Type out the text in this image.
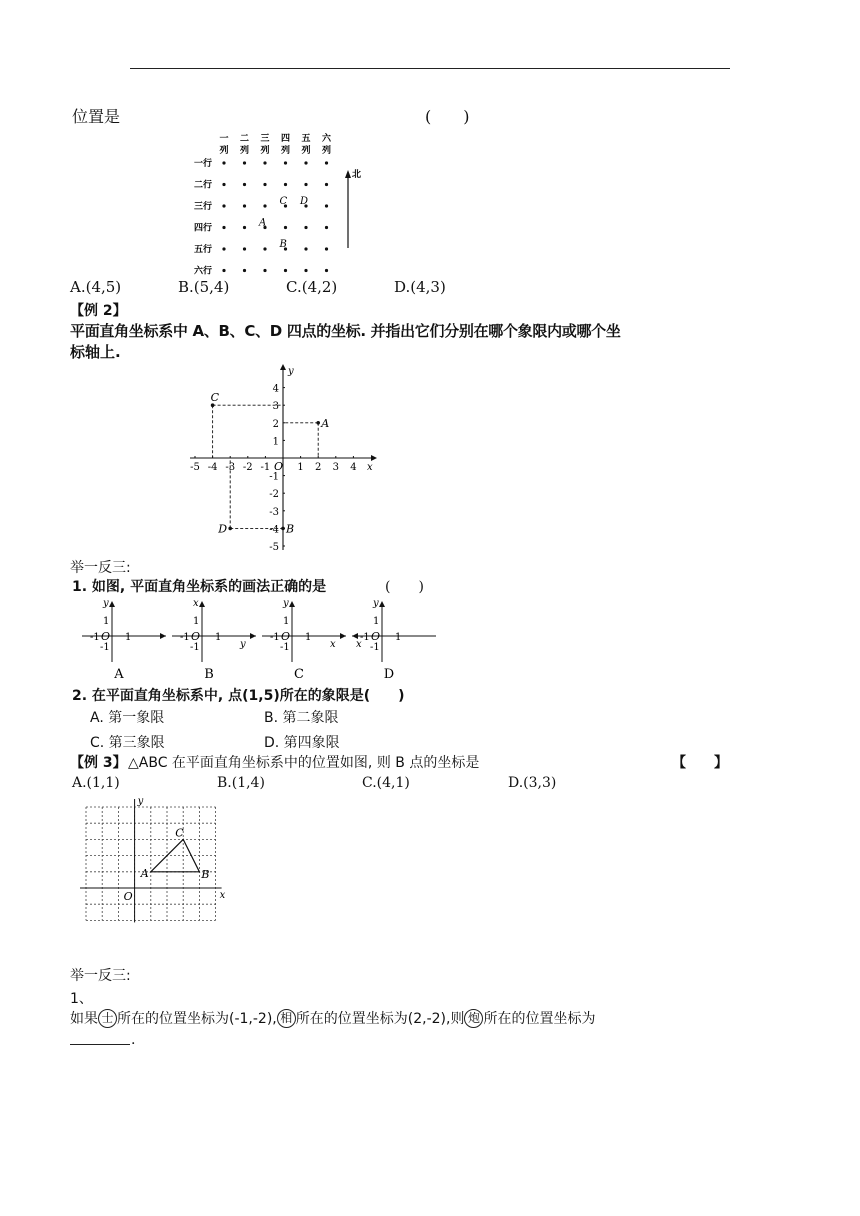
位置是	(　　)
一
列
二
列
三
列
四
列
五
列
六
列
一行
二行
三行
四行
五行
六行
A
B
C D
北
A.(4,5)	B.(5,4)	C.(4,2)	D.(4,3)
【例 2】
平面直角坐标系中 A、B、C、D 四点的坐标. 并指出它们分别在哪个象限内或哪个坐
标轴上.
x
y
O
-5 -4 -3 -2 -1	1 2 3 4
4
3
2
1
-1
-2
-3
-4
-5
A
B
C
D
举一反三:
1. 如图, 平面直角坐标系的画法正确的是	(　　)
y
1
-1 O 1
-1
A
x
y
1
-1 O 1
-1
B
y
x
1
-1 O 1
-1
C
y
x
1
-1 O 1
-1
D
2. 在平面直角坐标系中, 点(1,5)所在的象限是(　　)
A. 第一象限	B. 第二象限
C. 第三象限	D. 第四象限
【例 3】 △ABC 在平面直角坐标系中的位置如图, 则 B 点的坐标是	【　　】
A.(1,1)	B.(1,4)	C.(4,1)	D.(3,3)
x
y
O
A	B
C
举一反三:
1、
如果 士 所在的位置坐标为(-1,-2), 相 所在的位置坐标为(2,-2),则 炮 所在的位置坐标为
.
